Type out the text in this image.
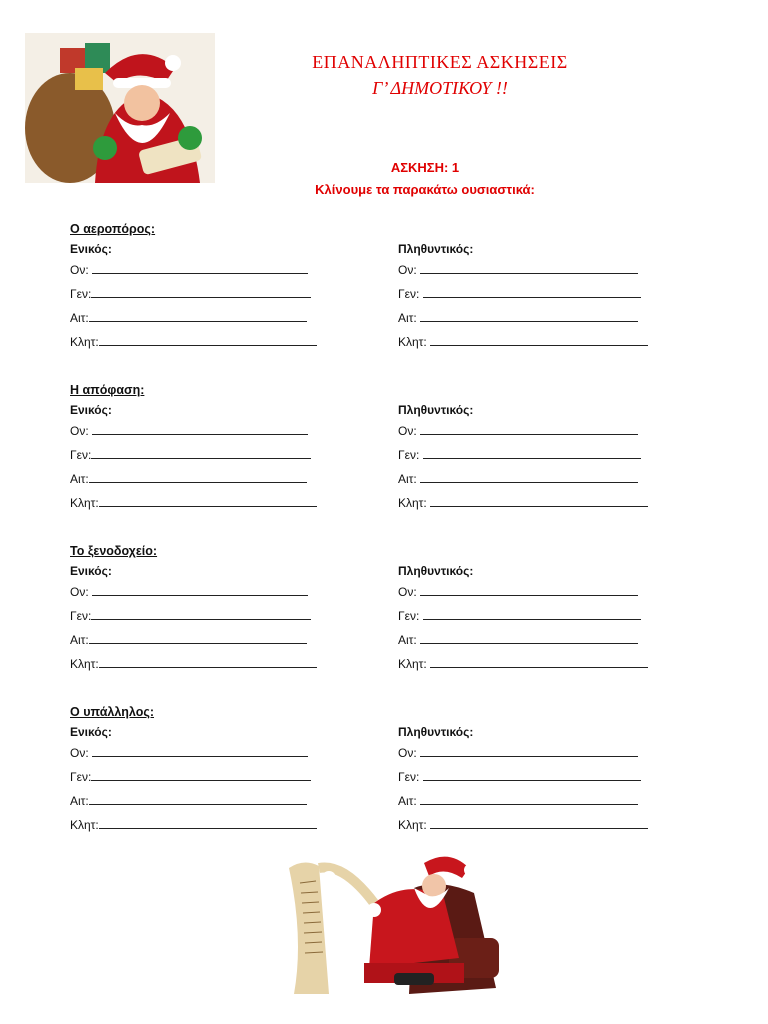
ΕΠΑΝΑΛΗΠΤΙΚΕΣ ΑΣΚΗΣΕΙΣ
Γ’ ΔΗΜΟΤΙΚΟΥ !!
ΑΣΚΗΣΗ: 1
Κλίνουμε τα παρακάτω ουσιαστικά:
Ο αεροπόρος:
Ενικός:	Πληθυντικός:
Ον:	Ον:
Γεν:	Γεν:
Αιτ:	Αιτ:
Κλητ:	Κλητ:
Η απόφαση:
Ενικός:	Πληθυντικός:
Ον:	Ον:
Γεν:	Γεν:
Αιτ:	Αιτ:
Κλητ:	Κλητ:
Το ξενοδοχείο:
Ενικός:	Πληθυντικός:
Ον:	Ον:
Γεν:	Γεν:
Αιτ:	Αιτ:
Κλητ:	Κλητ:
Ο υπάλληλος:
Ενικός:	Πληθυντικός:
Ον:	Ον:
Γεν:	Γεν:
Αιτ:	Αιτ:
Κλητ:	Κλητ:
